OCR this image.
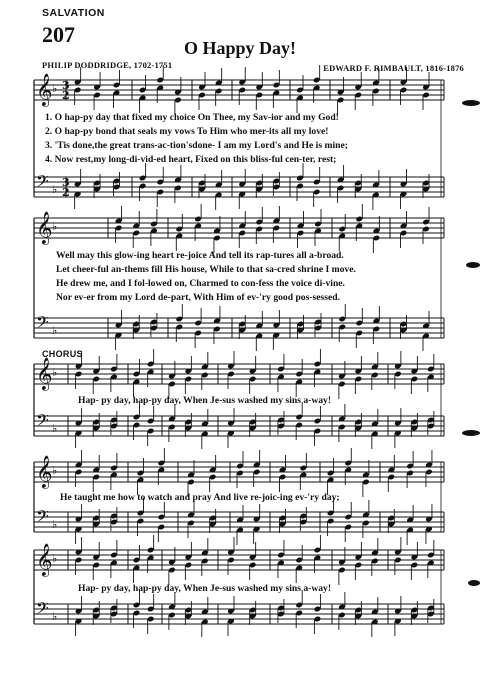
SALVATION
207
O Happy Day!
PHILIP DODDRIDGE, 1702-1751	EDWARD F. RIMBAULT, 1816-1876
𝄞 ♭
𝄢 ♭
3
3
2
2
𝄞 ♭
𝄢 ♭
𝄞 ♭
𝄢 ♭
𝄞 ♭
𝄢 ♭
𝄞 ♭
𝄢 ♭
1. O hap-py day that fixed my choice On Thee, my Sav-ior and my God!
2. O hap-py bond that seals my vows To Him who mer-its all my love!
3. 'Tis done,the great trans-ac-tion'sdone- I am my Lord's and He is mine;
4. Now rest,my long-di-vid-ed heart, Fixed on this bliss-ful cen-ter, rest;
Well may this glow-ing heart re-joice And tell its rap-tures all a-broad.
Let cheer-ful an-thems fill His house, While to that sa-cred shrine I move.
He drew me, and I fol-lowed on, Charmed to con-fess the voice di-vine.
Nor ev-er from my Lord de-part, With Him of ev-'ry good pos-sessed.
CHORUS
Hap- py day, hap-py day, When Je-sus washed my sins a-way!
He taught me how to watch and pray And live re-joic-ing ev-'ry day;
Hap- py day, hap-py day, When Je-sus washed my sins a-way!
